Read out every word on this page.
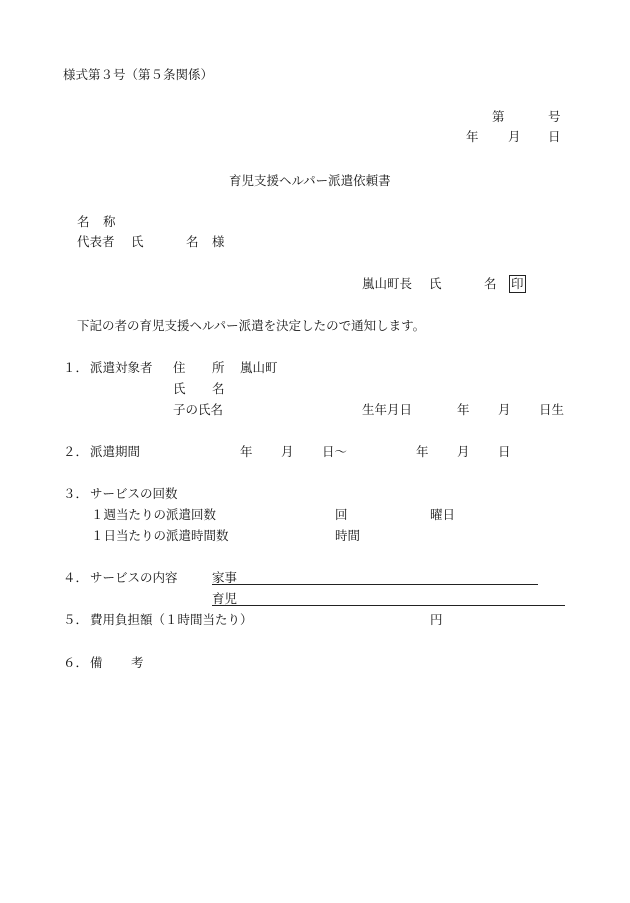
様式第３号（第５条関係）
第	号
年 月 日
育児支援ヘルパー派遣依頼書
名 称
代表者 氏	名 様
嵐山町長 氏	名 印
下記の者の育児支援ヘルパー派遣を決定したので通知します。
１． 派遣対象者 住 所 嵐山町
氏 名
子の氏名	生年月日	年 月 日生
２． 派遣期間	年 月 日～	年 月 日
３． サービスの回数
１週当たりの派遣回数	回	曜日
１日当たりの派遣時間数	時間
４． サービスの内容	家事
育児
５． 費用負担額（１時間当たり）	円
６． 備 考
